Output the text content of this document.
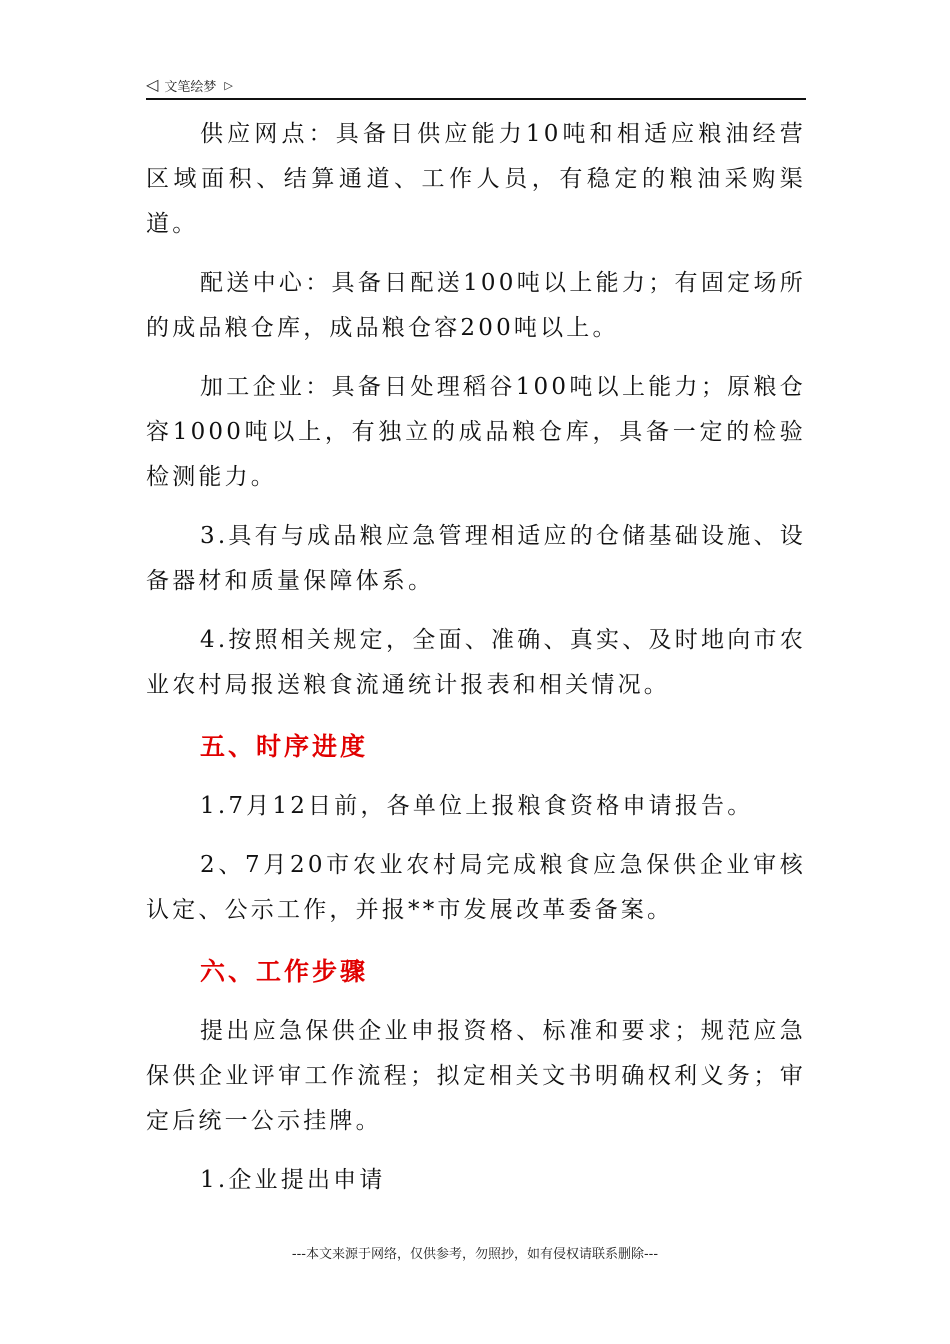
◁ 文笔绘梦 ▷

供应网点：具备日供应能力10吨和相适应粮油经营区域面积、结算通道、工作人员，有稳定的粮油采购渠道。

配送中心：具备日配送100吨以上能力；有固定场所的成品粮仓库，成品粮仓容200吨以上。

加工企业：具备日处理稻谷100吨以上能力；原粮仓容1000吨以上，有独立的成品粮仓库，具备一定的检验检测能力。

3.具有与成品粮应急管理相适应的仓储基础设施、设备器材和质量保障体系。

4.按照相关规定，全面、准确、真实、及时地向市农业农村局报送粮食流通统计报表和相关情况。

五、时序进度

1.7月12日前，各单位上报粮食资格申请报告。

2、7月20市农业农村局完成粮食应急保供企业审核认定、公示工作，并报**市发展改革委备案。

六、工作步骤

提出应急保供企业申报资格、标准和要求；规范应急保供企业评审工作流程；拟定相关文书明确权利义务；审定后统一公示挂牌。

1.企业提出申请

---本文来源于网络，仅供参考，勿照抄，如有侵权请联系删除---
